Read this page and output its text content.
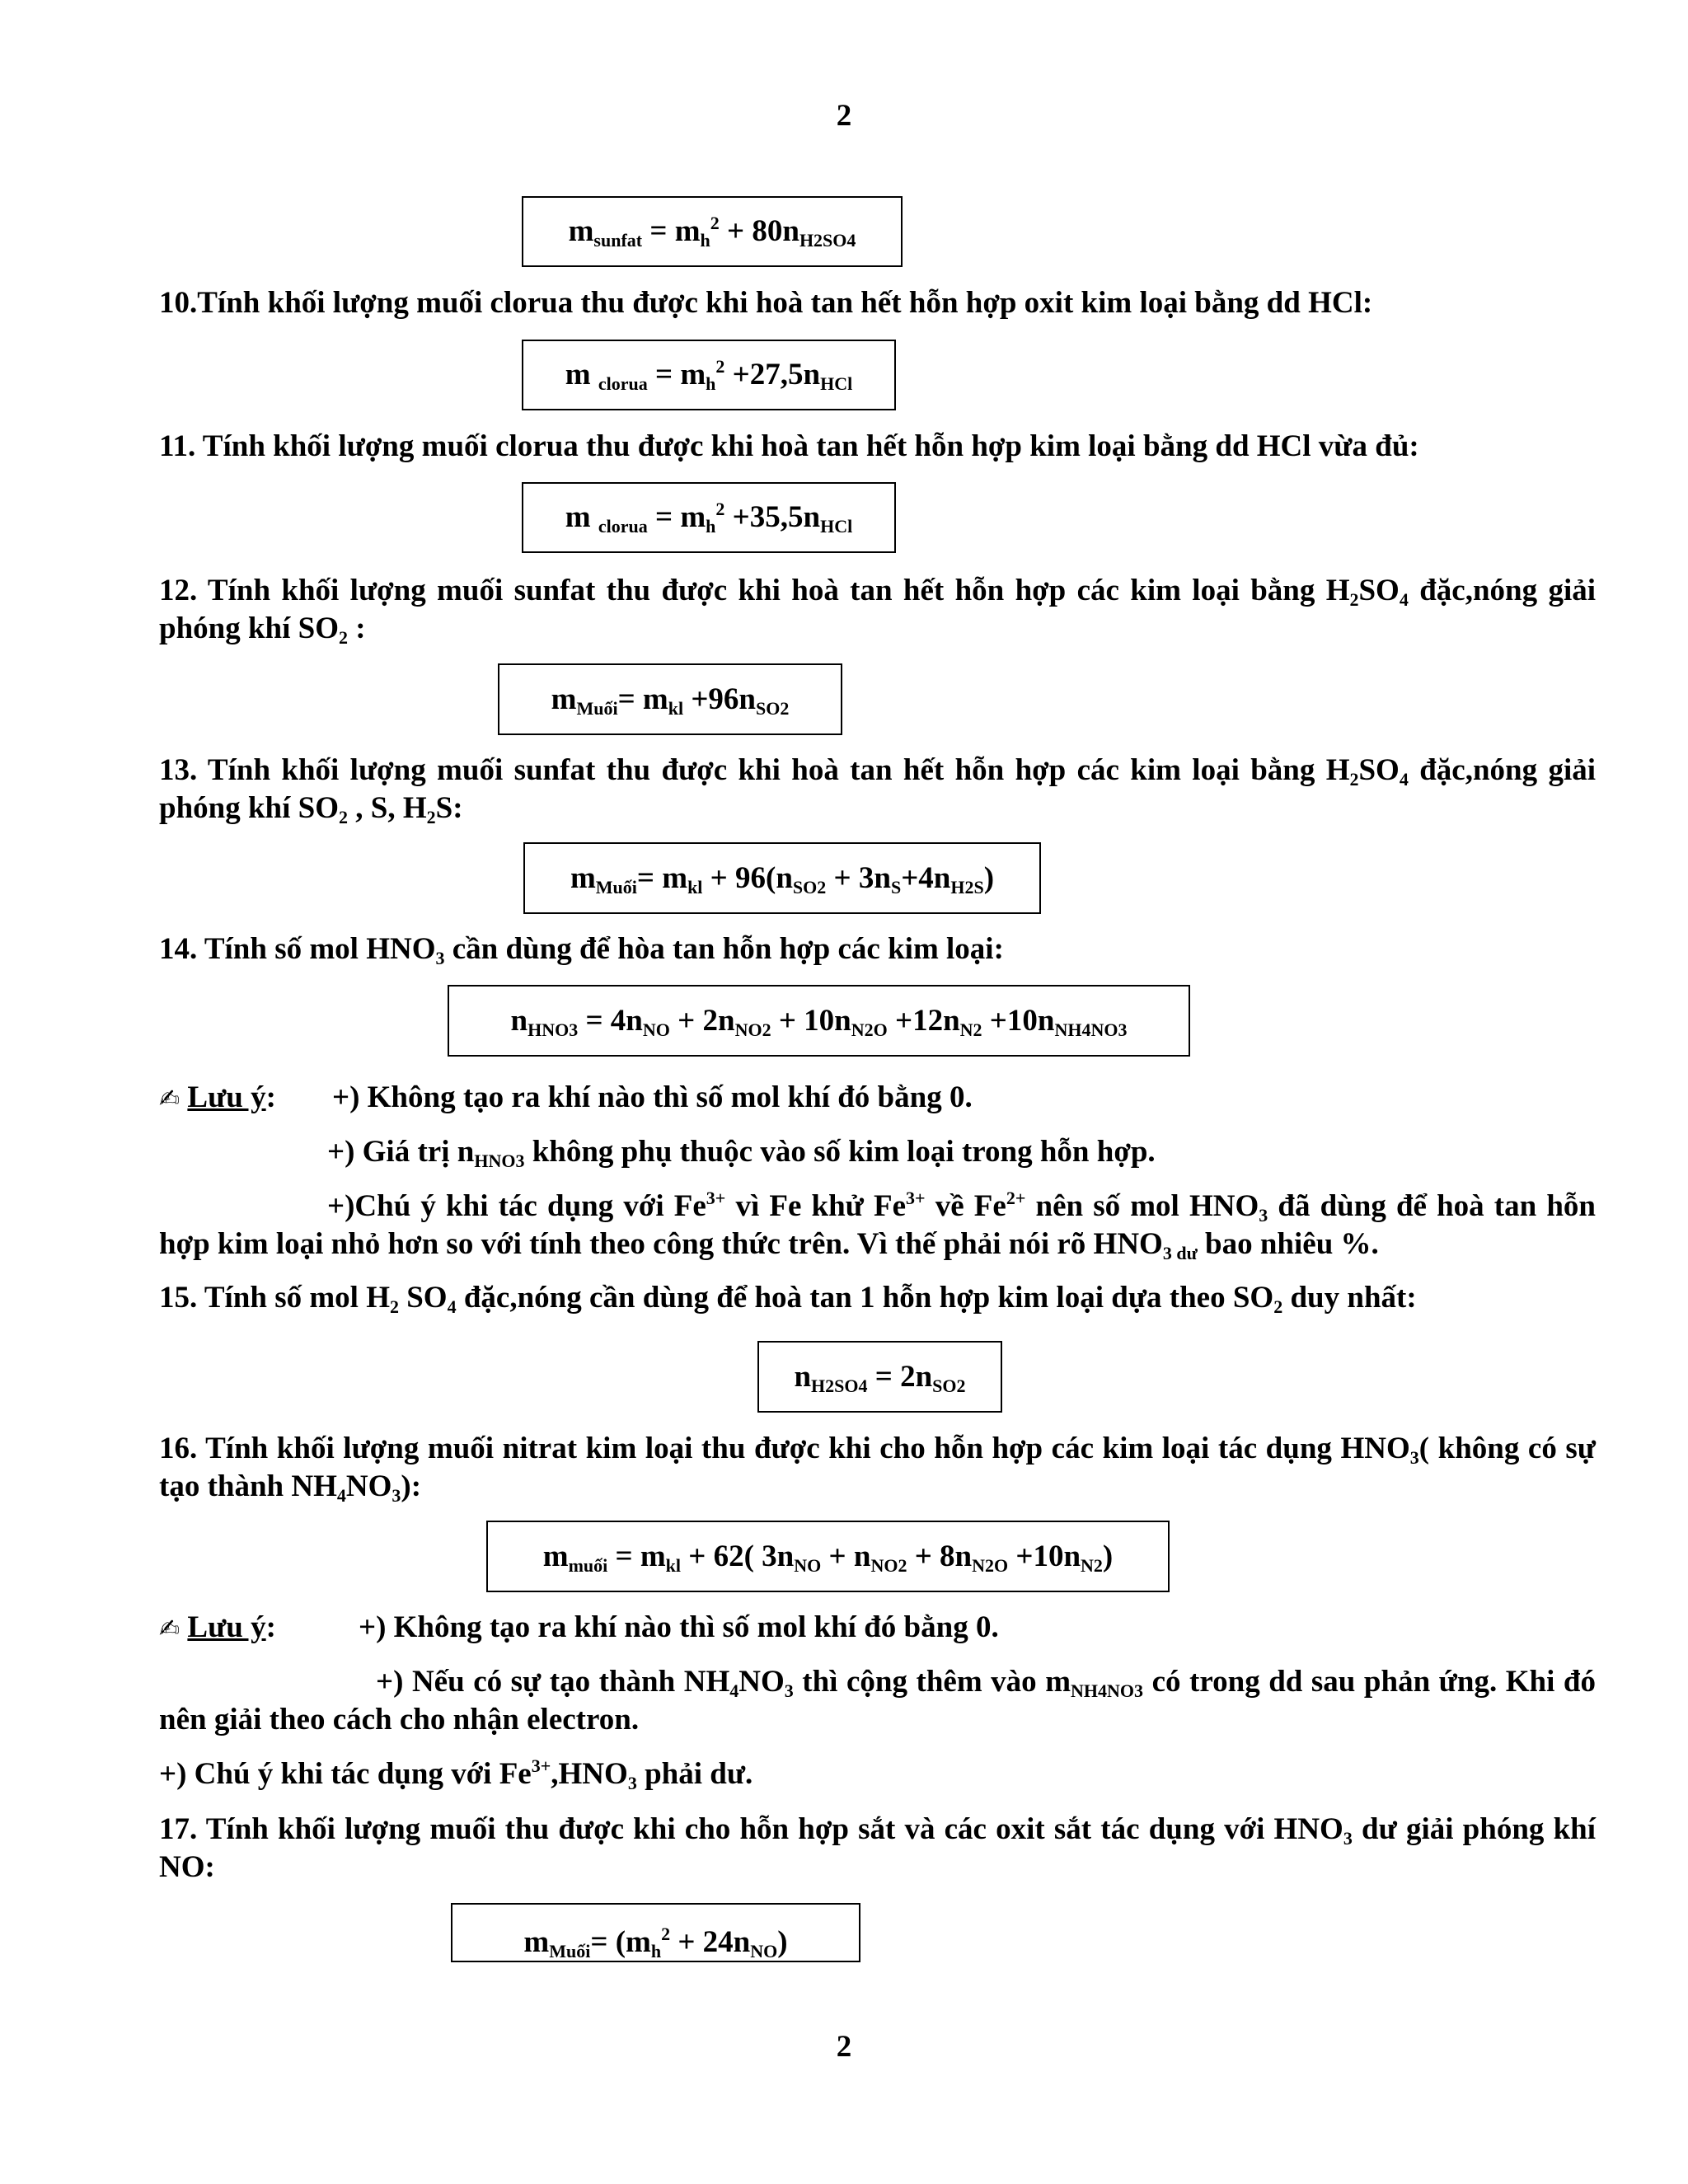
2
$m_{sunfat} = m_h^2 + 80n_{H2SO4}$

10.Tính khối lượng muối clorua thu được khi hoà tan hết hỗn hợp oxit kim loại bằng dd HCl:

m $_{clorua} = m_h^2 +27,5n_{HCl}$

11. Tính khối lượng muối clorua thu được khi hoà tan hết hỗn hợp kim loại bằng dd HCl vừa đủ:

m $_{clorua} = m_h^2 +35,5n_{HCl}$

12. Tính khối lượng muối sunfat thu được khi hoà tan hết hỗn hợp các kim loại bằng $H_2SO_4$ đặc,nóng giải phóng khí $SO_2$ :

$m_{Muối}= m_{kl} +96n_{SO2}$

13. Tính khối lượng muối sunfat thu được khi hoà tan hết hỗn hợp các kim loại bằng $H_2SO_4$ đặc,nóng giải phóng khí $SO_2$ , S, $H_2S$:

$m_{Muối}= m_{kl} + 96(n_{SO2} + 3n_S+4n_{H2S})$

14. Tính số mol $HNO_3$ cần dùng để hòa tan hỗn hợp các kim loại:

$n_{HNO3} = 4n_{NO} + 2n_{NO2} + 10n_{N2O} +12n_{N2} +10n_{NH4NO3}$
✍ Lưu ý: +) Không tạo ra khí nào thì số mol khí đó bằng 0.
+) Giá trị $n_{HNO3}$ không phụ thuộc vào số kim loại trong hỗn hợp.

+)Chú ý khi tác dụng với $Fe^{3+}$ vì Fe khử $Fe^{3+}$ về $Fe^{2+}$ nên số mol $HNO_3$ đã dùng để hoà tan hỗn hợp kim loại nhỏ hơn so với tính theo công thức trên. Vì thế phải nói rõ $HNO_{3 dư}$ bao nhiêu %.

15. Tính số mol $H_2$ $SO_4$ đặc,nóng cần dùng để hoà tan 1 hỗn hợp kim loại dựa theo $SO_2$ duy nhất:

$n_{H2SO4} = 2n_{SO2}$

16. Tính khối lượng muối nitrat kim loại thu được khi cho hỗn hợp các kim loại tác dụng $HNO_3$( không có sự tạo thành $NH_4NO_3$):

$m_{muối} = m_{kl} + 62$( $3n_{NO} + n_{NO2} + 8n_{N2O} +10n_{N2}$)
✍ Lưu ý:	+) Không tạo ra khí nào thì số mol khí đó bằng 0.

+) Nếu có sự tạo thành $NH_4NO_3$ thì cộng thêm vào $m_{NH4NO3}$ có trong dd sau phản ứng. Khi đó nên giải theo cách cho nhận electron.

+) Chú ý khi tác dụng với $Fe^{3+},HNO_3$ phải dư.

17. Tính khối lượng muối thu được khi cho hỗn hợp sắt và các oxit sắt tác dụng với $HNO_3$ dư giải phóng khí NO:

$m_{Muối}= (m_h^2 + 24n_{NO})$
2
